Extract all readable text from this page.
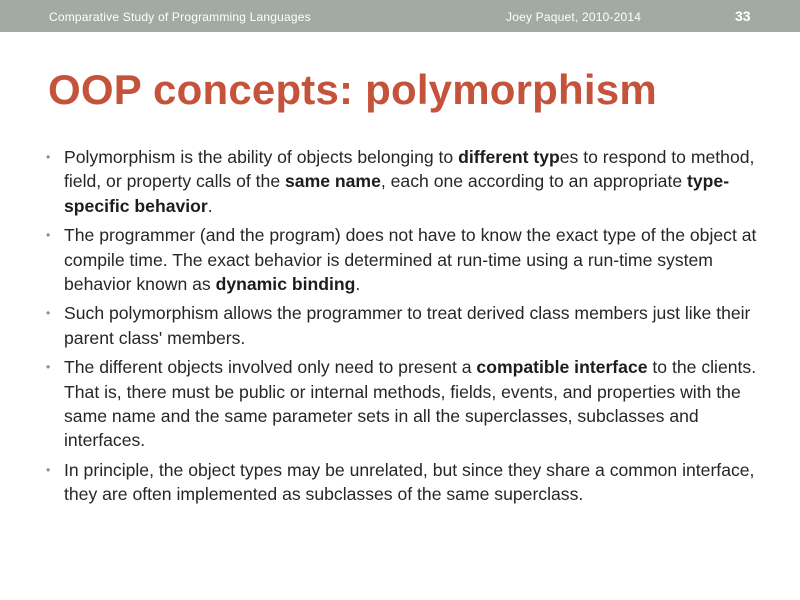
Comparative Study of Programming Languages	Joey Paquet, 2010-2014	33
OOP concepts: polymorphism
• Polymorphism is the ability of objects belonging to different types to respond to method, field, or property calls of the same name, each one according to an appropriate type-specific behavior.
• The programmer (and the program) does not have to know the exact type of the object at compile time. The exact behavior is determined at run-time using a run-time system behavior known as dynamic binding.
• Such polymorphism allows the programmer to treat derived class members just like their parent class' members.
• The different objects involved only need to present a compatible interface to the clients. That is, there must be public or internal methods, fields, events, and properties with the same name and the same parameter sets in all the superclasses, subclasses and interfaces.
• In principle, the object types may be unrelated, but since they share a common interface, they are often implemented as subclasses of the same superclass.
